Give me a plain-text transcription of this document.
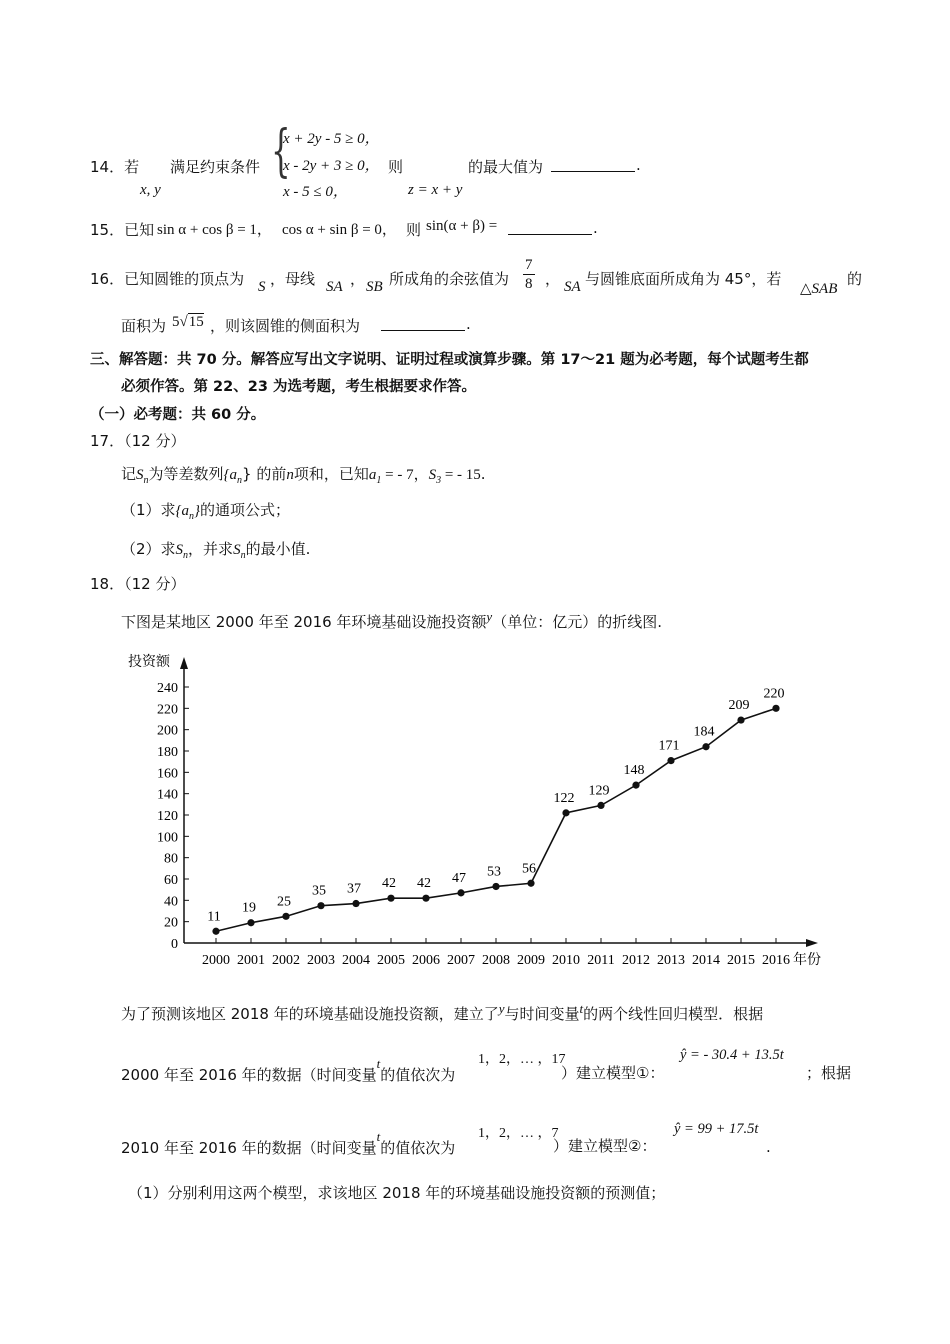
14．若
x, y
满足约束条件 {
x + 2y - 5 ≥ 0，
x - 2y + 3 ≥ 0，
x - 5 ≤ 0，
则
z = x + y
的最大值为	.
15．已知 sin α + cos β = 1， cos α + sin β = 0， 则 sin(α + β) =	.
16．已知圆锥的顶点为 S ，母线 SA ， SB 所成角的余弦值为 $\frac{7}{8}$ ， SA 与圆锥底面所成角为 45°，若
△SAB
的
面积为 5√15 ，则该圆锥的侧面积为	.
三、解答题：共 70 分。解答应写出文字说明、证明过程或演算步骤。第 17～21 题为必考题，每个试题考生都
必须作答。第 22、23 为选考题，考生根据要求作答。
（一）必考题：共 60 分。
17．（12 分）
记$S_n$为等差数列$\{a_n\}$ 的前n项和，已知$a_1$ = - 7，$S_3$ = - 15.
（1）求$\{a_n\}$的通项公式；
（2）求$S_n$，并求$S_n$的最小值.
18．（12 分）
下图是某地区 2000 年至 2016 年环境基础设施投资额$^y$（单位：亿元）的折线图.
投资额
年份
0
20
40
60
80
100
120
140
160
180
200
220
240
2000 2001 2002 2003 2004 2005 2006 2007 2008 2009 2010 2011 2012 2013 2014 2015 2016
11
19 25
35 37 42 42 47 53 56
122 129
148
171
184
209
220
为了预测该地区 2018 年的环境基础设施投资额，建立了$^y$与时间变量$^t$的两个线性回归模型．根据
2000 年至 2016 年的数据（时间变量$^t$的值依次为
1，2，… ，17
）建立模型①：
ŷ = - 30.4 + 13.5t
；根据
2010 年至 2016 年的数据（时间变量$^t$的值依次为
1，2，… ，7
）建立模型②：
ŷ = 99 + 17.5t
.
（1）分别利用这两个模型，求该地区 2018 年的环境基础设施投资额的预测值；
